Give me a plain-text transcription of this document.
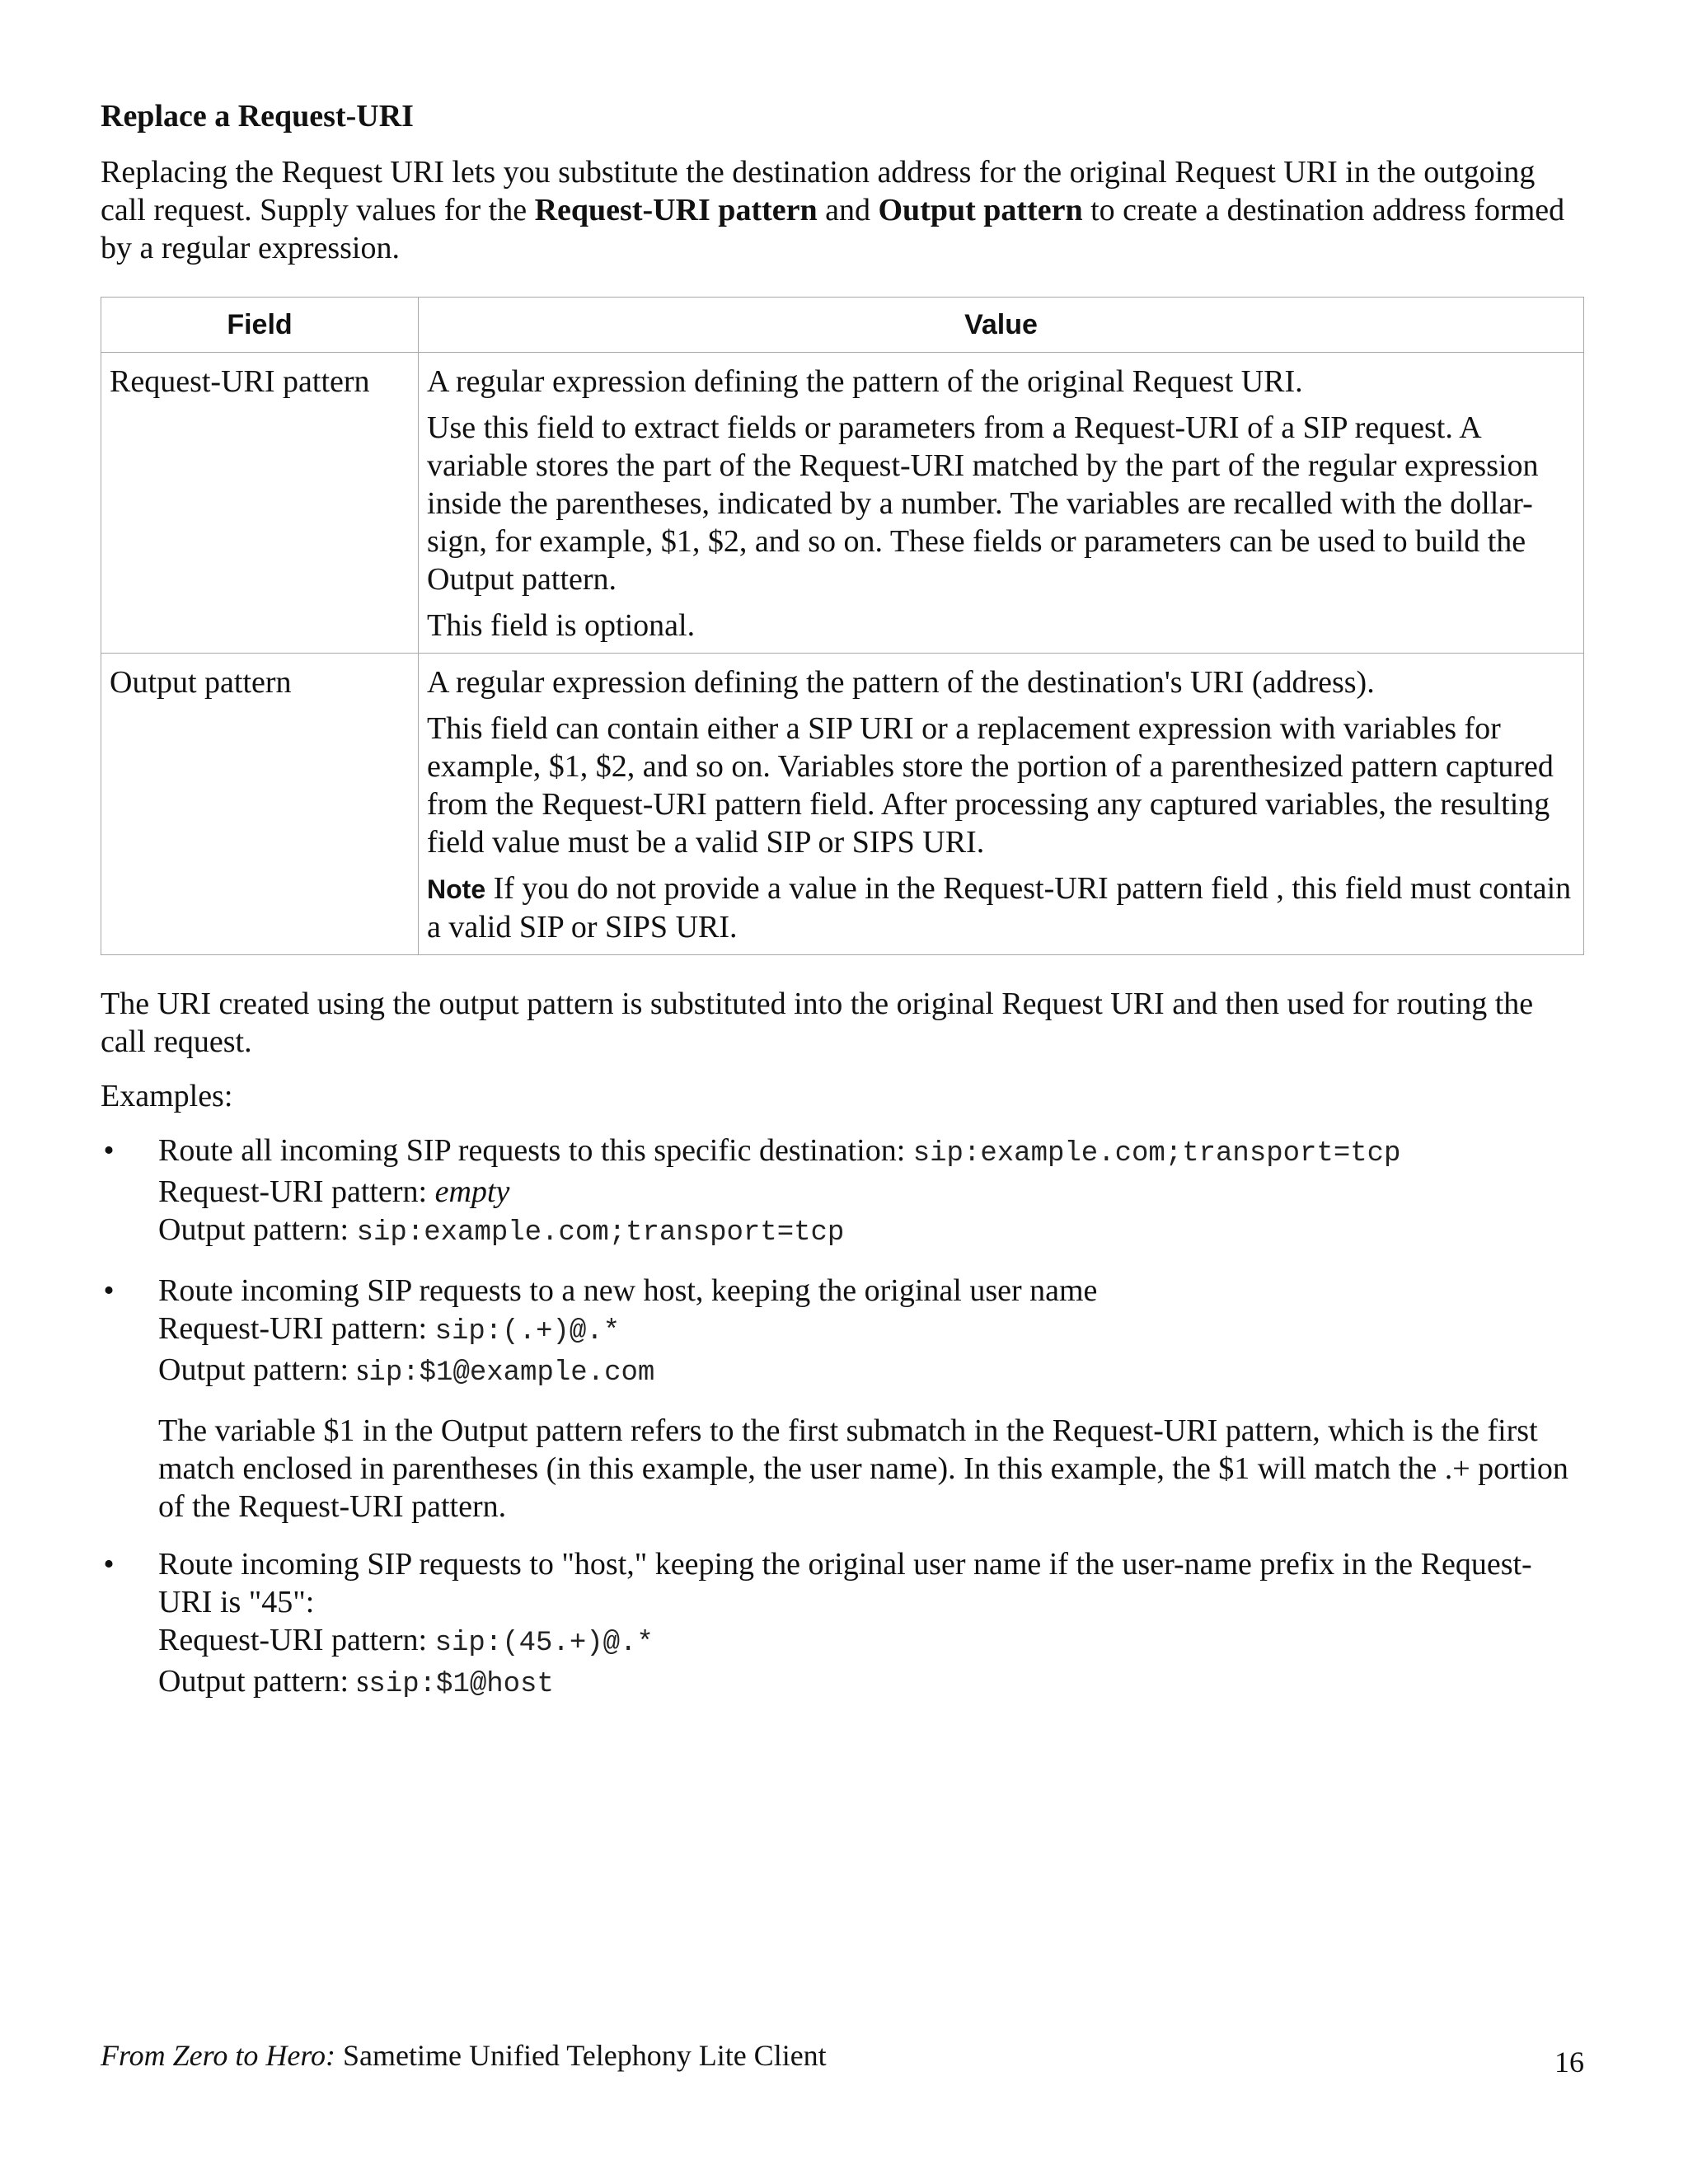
Replace a Request-URI

Replacing the Request URI lets you substitute the destination address for the original Request URI in the outgoing call request. Supply values for the Request-URI pattern and Output pattern to create a destination address formed by a regular expression.

Field	Value
Request-URI pattern	A regular expression defining the pattern of the original Request URI.
Use this field to extract fields or parameters from a Request-URI of a SIP request. A variable stores the part of the Request-URI matched by the part of the regular expression inside the parentheses, indicated by a number. The variables are recalled with the dollar-sign, for example, $1, $2, and so on. These fields or parameters can be used to build the Output pattern.
This field is optional.

Output pattern	A regular expression defining the pattern of the destination's URI (address).
This field can contain either a SIP URI or a replacement expression with variables for example, $1, $2, and so on. Variables store the portion of a parenthesized pattern captured from the Request-URI pattern field. After processing any captured variables, the resulting field value must be a valid SIP or SIPS URI.
Note If you do not provide a value in the Request-URI pattern field , this field must contain a valid SIP or SIPS URI.

The URI created using the output pattern is substituted into the original Request URI and then used for routing the call request.

Examples:

• Route all incoming SIP requests to this specific destination: sip:example.com;transport=tcp
Request-URI pattern: empty
Output pattern: sip:example.com;transport=tcp
• Route incoming SIP requests to a new host, keeping the original user name
Request-URI pattern: sip:(.+)@.*
Output pattern: sip:$1@example.com

The variable $1 in the Output pattern refers to the first submatch in the Request-URI pattern, which is the first match enclosed in parentheses (in this example, the user name). In this example, the $1 will match the .+ portion of the Request-URI pattern.

• Route incoming SIP requests to "host," keeping the original user name if the user-name prefix in the Request-URI is "45":
Request-URI pattern: sip:(45.+)@.*
Output pattern: ssip:$1@host
From Zero to Hero: Sametime Unified Telephony Lite Client	16
